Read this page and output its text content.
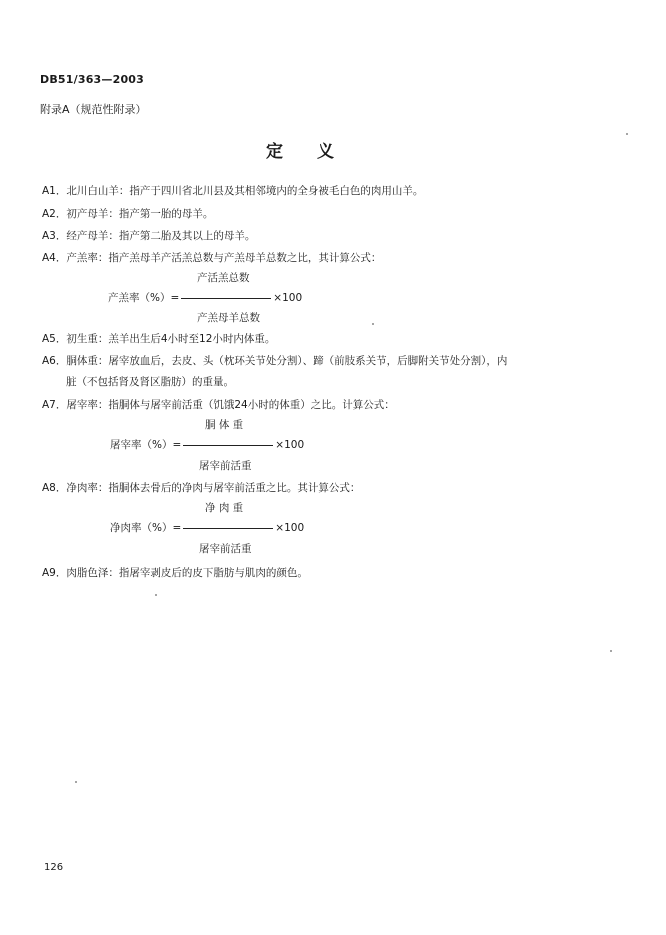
DB51/363—2003
附录A（规范性附录）
定义
A1．北川白山羊：指产于四川省北川县及其相邻境内的全身被毛白色的肉用山羊。
A2．初产母羊：指产第一胎的母羊。
A3．经产母羊：指产第二胎及其以上的母羊。
A4．产羔率：指产羔母羊产活羔总数与产羔母羊总数之比，其计算公式：
产活羔总数
产羔率（%）=	×100
产羔母羊总数
A5．初生重：羔羊出生后4小时至12小时内体重。
A6．胴体重：屠宰放血后，去皮、头（枕环关节处分割）、蹄（前肢系关节，后脚附关节处分割），内
脏（不包括肾及肾区脂肪）的重量。
A7．屠宰率：指胴体与屠宰前活重（饥饿24小时的体重）之比。计算公式：
胴 体 重
屠宰率（%）=	×100
屠宰前活重
A8．净肉率：指胴体去骨后的净肉与屠宰前活重之比。其计算公式：
净 肉 重
净肉率（%）=	×100
屠宰前活重
A9．肉脂色泽：指屠宰剥皮后的皮下脂肪与肌肉的颜色。
126
